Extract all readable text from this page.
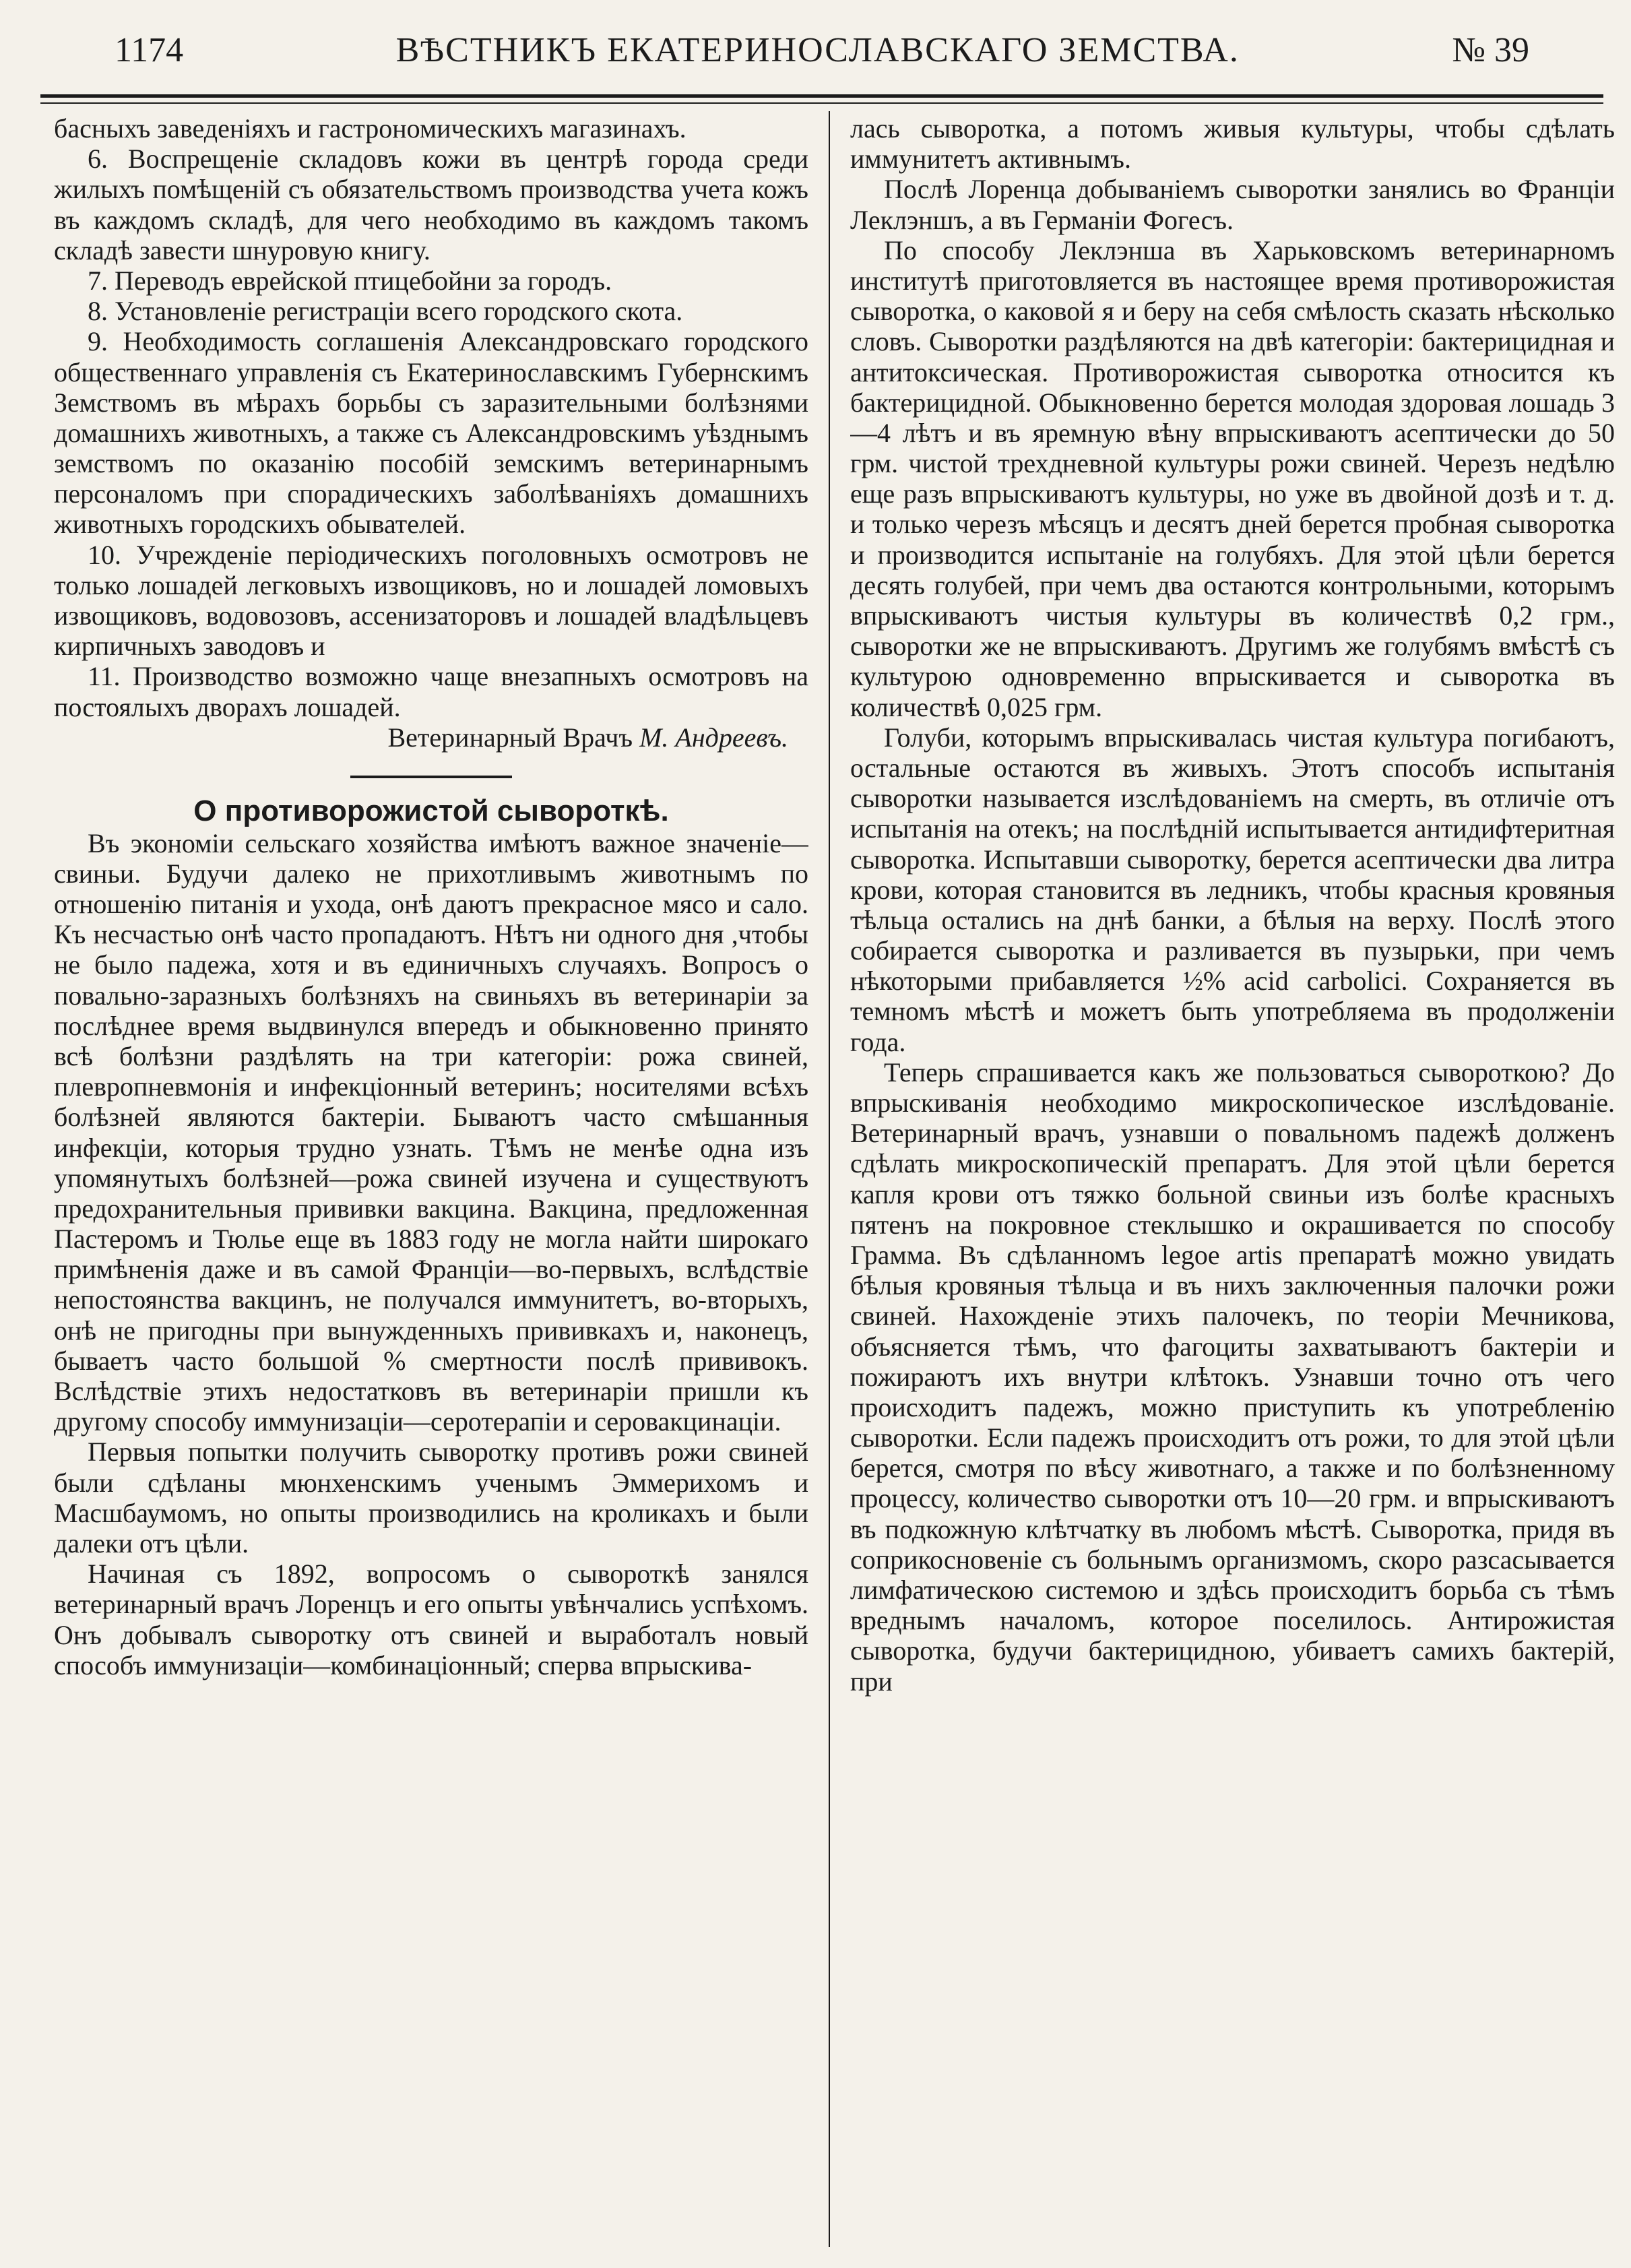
1174	ВѢСТНИКЪ ЕКАТЕРИНОСЛАВСКАГО ЗЕМСТВА.	№ 39

басныхъ заведенiяхъ и гастрономическихъ магазинахъ.

6. Воспрещенiе складовъ кожи въ центрѣ города среди жилыхъ помѣщенiй съ обязательствомъ производства учета кожъ въ каждомъ складѣ, для чего необходимо въ каждомъ такомъ складѣ завести шнуровую книгу.

7. Переводъ еврейской птицебойни за городъ.

8. Установленiе регистрацiи всего городского скота.

9. Необходимость соглашенiя Александровскаго городского общественнаго управленiя съ Екатеринославскимъ Губернскимъ Земствомъ въ мѣрахъ борьбы съ заразительными болѣзнями домашнихъ животныхъ, а также съ Александровскимъ уѣзднымъ земствомъ по оказанiю пособiй земскимъ ветеринарнымъ персоналомъ при спорадическихъ заболѣванiяхъ домашнихъ животныхъ городскихъ обывателей.

10. Учрежденiе перiодическихъ поголовныхъ осмотровъ не только лошадей легковыхъ извощиковъ, но и лошадей ломовыхъ извощиковъ, водовозовъ, ассенизаторовъ и лошадей владѣльцевъ кирпичныхъ заводовъ и

11. Производство возможно чаще внезапныхъ осмотровъ на постоялыхъ дворахъ лошадей.

Ветеринарный Врачъ М. Андреевъ.

О противорожистой сывороткѣ.

Въ экономiи сельскаго хозяйства имѣютъ важное значенiе—свиньи. Будучи далеко не прихотливымъ животнымъ по отношенiю питанiя и ухода, онѣ даютъ прекрасное мясо и сало. Къ несчастью онѣ часто пропадаютъ. Нѣтъ ни одного дня ,чтобы не было падежа, хотя и въ единичныхъ случаяхъ. Вопросъ о повально-заразныхъ болѣзняхъ на свиньяхъ въ ветеринарiи за послѣднее время выдвинулся впередъ и обыкновенно принято всѣ болѣзни раздѣлять на три категорiи: рожа свиней, плевропневмонiя и инфекцiонный ветеринъ; носителями всѣхъ болѣзней являются бактерiи. Бываютъ часто смѣшанныя инфекцiи, которыя трудно узнать. Тѣмъ не менѣе одна изъ упомянутыхъ болѣзней—рожа свиней изучена и существуютъ предохранительныя прививки вакцина. Вакцина, предложенная Пастеромъ и Тюлье еще въ 1883 году не могла найти широкаго примѣненiя даже и въ самой Францiи—во-первыхъ, вслѣдствiе непостоянства вакцинъ, не получался иммунитетъ, во-вторыхъ, онѣ не пригодны при вынужденныхъ прививкахъ и, наконецъ, бываетъ часто большой % смертности послѣ прививокъ. Вслѣдствiе этихъ недостатковъ въ ветеринарiи пришли къ другому способу иммунизацiи—серотерапiи и серовакцинацiи.

Первыя попытки получить сыворотку противъ рожи свиней были сдѣланы мюнхенскимъ ученымъ Эммерихомъ и Масшбаумомъ, но опыты производились на кроликахъ и были далеки отъ цѣли.

Начиная съ 1892, вопросомъ о сывороткѣ занялся ветеринарный врачъ Лоренцъ и его опыты увѣнчались успѣхомъ. Онъ добывалъ сыворотку отъ свиней и выработалъ новый способъ иммунизацiи—комбинацiонный; сперва впрыскива-

лась сыворотка, а потомъ живыя культуры, чтобы сдѣлать иммунитетъ активнымъ.

Послѣ Лоренца добыванiемъ сыворотки занялись во Францiи Леклэншъ, а въ Германiи Фогесъ.

По способу Леклэнша въ Харьковскомъ ветеринарномъ институтѣ приготовляется въ настоящее время противорожистая сыворотка, о каковой я и беру на себя смѣлость сказать нѣсколько словъ. Сыворотки раздѣляются на двѣ категорiи: бактерицидная и антитоксическая. Противорожистая сыворотка относится къ бактерицидной. Обыкновенно берется молодая здоровая лошадь 3—4 лѣтъ и въ яремную вѣну впрыскиваютъ асептически до 50 грм. чистой трехдневной культуры рожи свиней. Черезъ недѣлю еще разъ впрыскиваютъ культуры, но уже въ двойной дозѣ и т. д. и только черезъ мѣсяцъ и десятъ дней берется пробная сыворотка и производится испытанiе на голубяхъ. Для этой цѣли берется десять голубей, при чемъ два остаются контрольными, которымъ впрыскиваютъ чистыя культуры въ количествѣ 0,2 грм., сыворотки же не впрыскиваютъ. Другимъ же голубямъ вмѣстѣ съ культурою одновременно впрыскивается и сыворотка въ количествѣ 0,025 грм.

Голуби, которымъ впрыскивалась чистая культура погибаютъ, остальные остаются въ живыхъ. Этотъ способъ испытанiя сыворотки называется изслѣдованiемъ на смерть, въ отличiе отъ испытанiя на отекъ; на послѣднiй испытывается антидифтеритная сыворотка. Испытавши сыворотку, берется асептически два литра крови, которая становится въ ледникъ, чтобы красныя кровяныя тѣльца остались на днѣ банки, а бѣлыя на верху. Послѣ этого собирается сыворотка и разливается въ пузырьки, при чемъ нѣкоторыми прибавляется ½% acid carbolici. Сохраняется въ темномъ мѣстѣ и можетъ быть употребляема въ продолженiи года.

Теперь спрашивается какъ же пользоваться сывороткою? До впрыскиванiя необходимо микроскопическое изслѣдованiе. Ветеринарный врачъ, узнавши о повальномъ падежѣ долженъ сдѣлать микроскопическiй препаратъ. Для этой цѣли берется капля крови отъ тяжко больной свиньи изъ болѣе красныхъ пятенъ на покровное стеклышко и окрашивается по способу Грамма. Въ сдѣланномъ legoe artis препаратѣ можно увидать бѣлыя кровяныя тѣльца и въ нихъ заключенныя палочки рожи свиней. Нахожденiе этихъ палочекъ, по теорiи Мечникова, объясняется тѣмъ, что фагоциты захватываютъ бактерiи и пожираютъ ихъ внутри клѣтокъ. Узнавши точно отъ чего происходитъ падежъ, можно приступить къ употребленiю сыворотки. Если падежъ происходитъ отъ рожи, то для этой цѣли берется, смотря по вѣсу животнаго, а также и по болѣзненному процессу, количество сыворотки отъ 10—20 грм. и впрыскиваютъ въ подкожную клѣтчатку въ любомъ мѣстѣ. Сыворотка, придя въ соприкосновенiе съ больнымъ организмомъ, скоро разсасывается лимфатическою системою и здѣсь происходитъ борьба съ тѣмъ вреднымъ началомъ, которое поселилось. Антирожистая сыворотка, будучи бактерицидною, убиваетъ самихъ бактерiй, при
